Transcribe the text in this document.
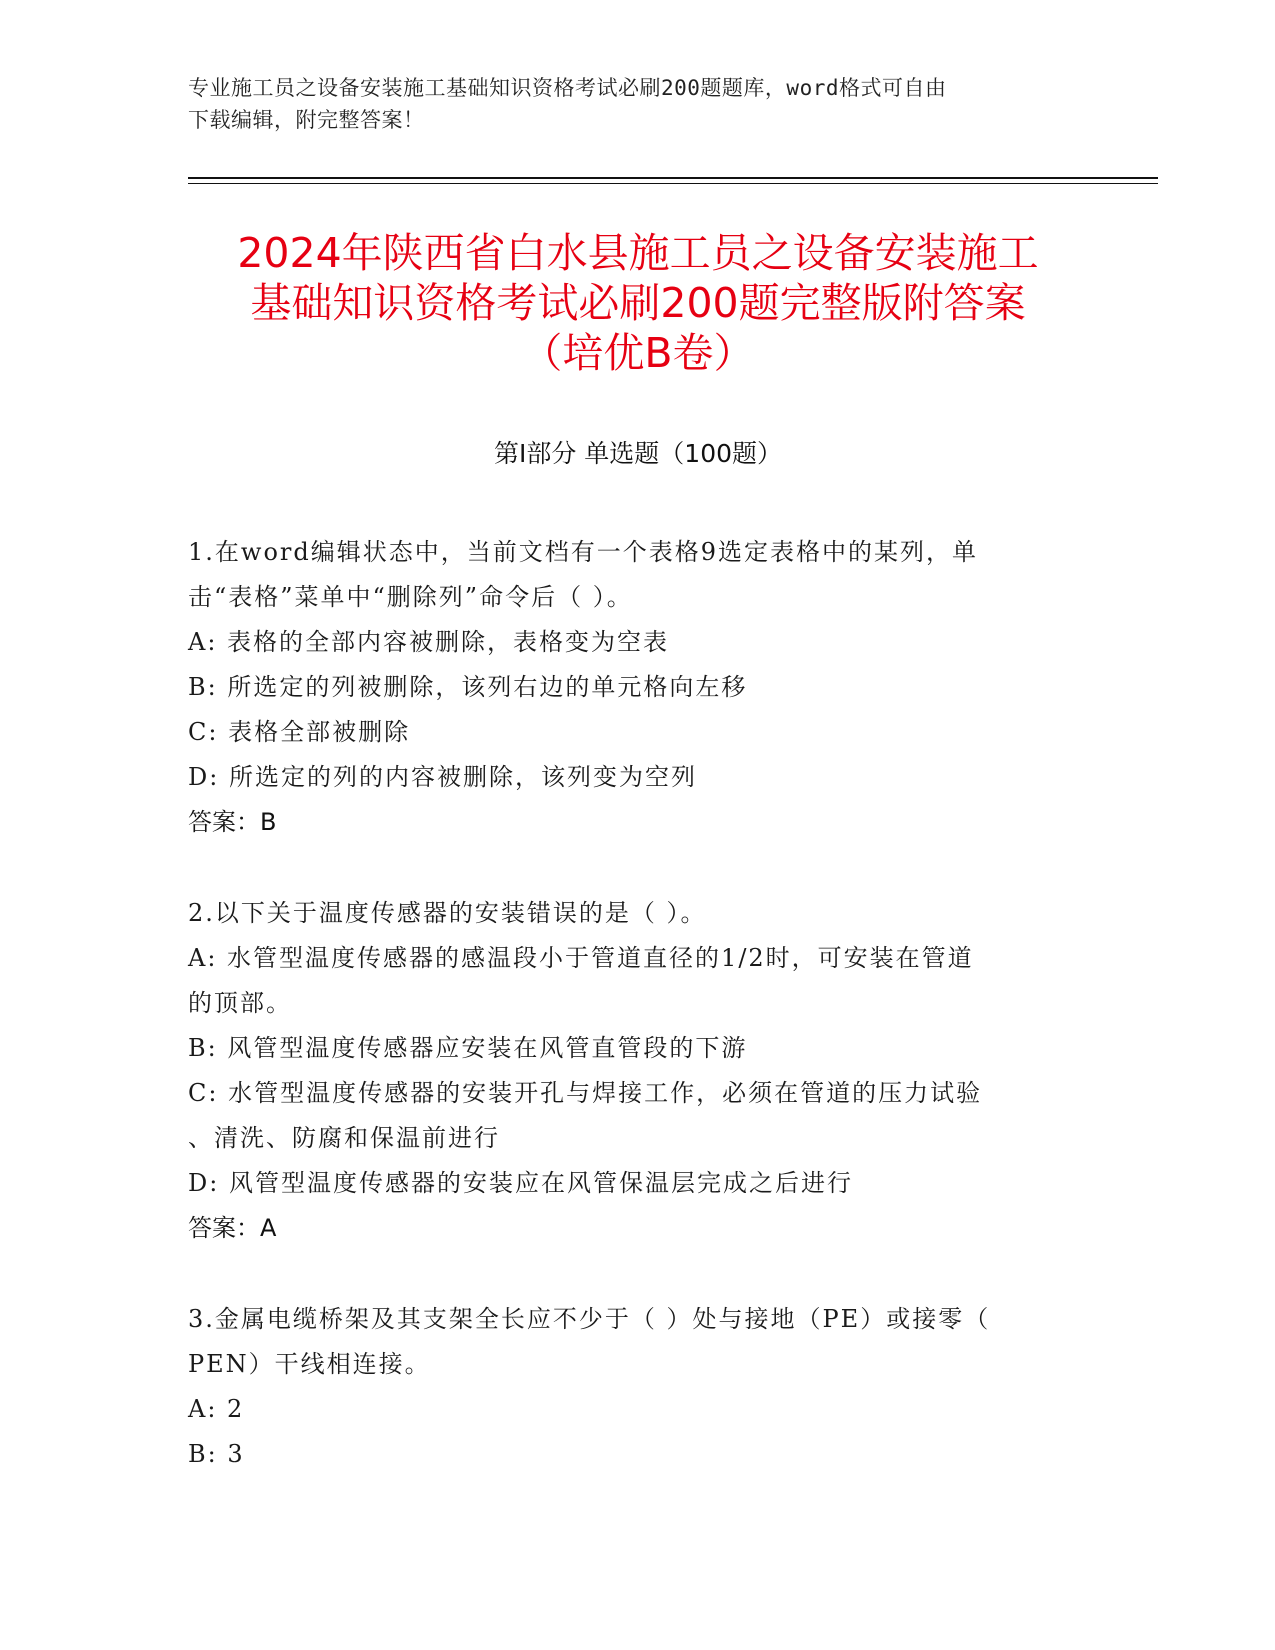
专业施工员之设备安装施工基础知识资格考试必刷200题题库，word格式可自由
下载编辑，附完整答案！
2024年陕西省白水县施工员之设备安装施工
基础知识资格考试必刷200题完整版附答案
（培优B卷）
第Ⅰ部分 单选题（100题）

1.在word编辑状态中，当前文档有一个表格9选定表格中的某列，单

击“表格”菜单中“删除列”命令后（ ）。

A: 表格的全部内容被删除，表格变为空表

B: 所选定的列被删除，该列右边的单元格向左移

C: 表格全部被删除

D: 所选定的列的内容被删除，该列变为空列

答案：B

2.以下关于温度传感器的安装错误的是（ ）。

A: 水管型温度传感器的感温段小于管道直径的1/2时，可安装在管道

的顶部。

B: 风管型温度传感器应安装在风管直管段的下游

C: 水管型温度传感器的安装开孔与焊接工作，必须在管道的压力试验

、清洗、防腐和保温前进行

D: 风管型温度传感器的安装应在风管保温层完成之后进行

答案：A

3.金属电缆桥架及其支架全长应不少于（ ）处与接地（PE）或接零（

PEN）干线相连接。

A: 2

B: 3
